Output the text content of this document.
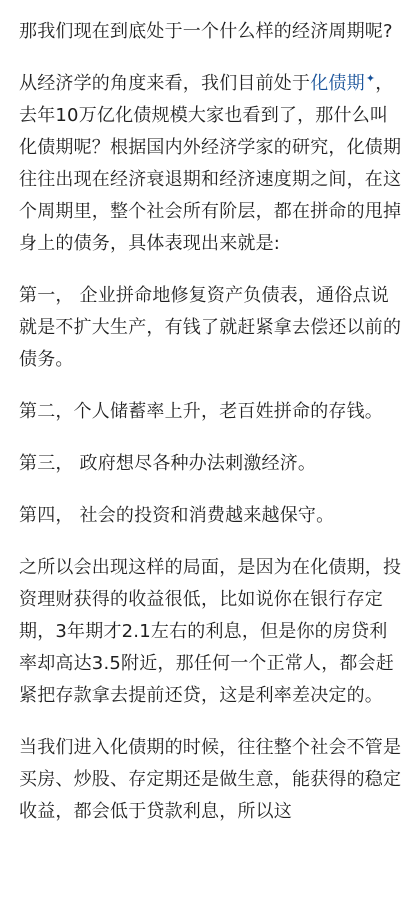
那我们现在到底处于一个什么样的经济周期呢?

从经济学的角度来看，我们目前处于化债期✦，去年10万亿化债规模大家也看到了，那什么叫化债期呢？根据国内外经济学家的研究，化债期往往出现在经济衰退期和经济速度期之间，在这个周期里，整个社会所有阶层，都在拼命的甩掉身上的债务，具体表现出来就是:

第一， 企业拼命地修复资产负债表，通俗点说就是不扩大生产，有钱了就赶紧拿去偿还以前的债务。

第二，个人储蓄率上升，老百姓拼命的存钱。

第三， 政府想尽各种办法刺激经济。

第四， 社会的投资和消费越来越保守。

之所以会出现这样的局面，是因为在化债期，投资理财获得的收益很低，比如说你在银行存定期，3年期才2.1左右的利息，但是你的房贷利率却高达3.5附近，那任何一个正常人，都会赶紧把存款拿去提前还贷，这是利率差决定的。

当我们进入化债期的时候，往往整个社会不管是买房、炒股、存定期还是做生意，能获得的稳定收益，都会低于贷款利息，所以这
